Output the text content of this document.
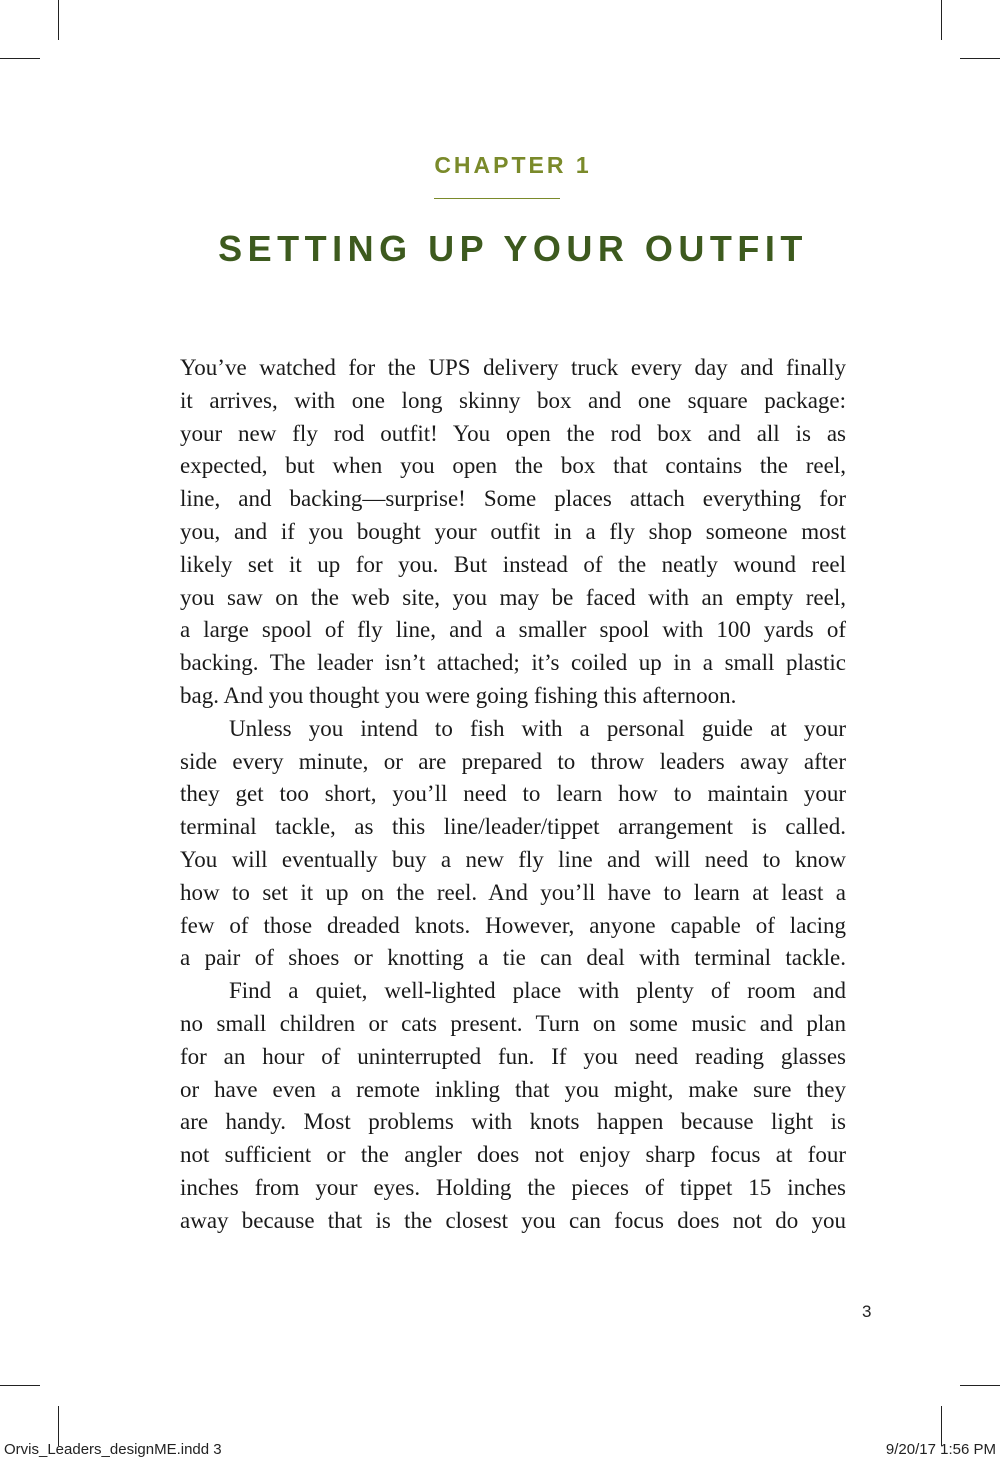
CHAPTER 1
SETTING UP YOUR OUTFIT
You’ve watched for the UPS delivery truck every day and finally
it arrives, with one long skinny box and one square package:
your new fly rod outfit! You open the rod box and all is as
expected, but when you open the box that contains the reel,
line, and backing—surprise! Some places attach everything for
you, and if you bought your outfit in a fly shop someone most
likely set it up for you. But instead of the neatly wound reel
you saw on the web site, you may be faced with an empty reel,
a large spool of fly line, and a smaller spool with 100 yards of
backing. The leader isn’t attached; it’s coiled up in a small plastic
bag. And you thought you were going fishing this afternoon.
Unless you intend to fish with a personal guide at your
side every minute, or are prepared to throw leaders away after
they get too short, you’ll need to learn how to maintain your
terminal tackle, as this line/leader/tippet arrangement is called.
You will eventually buy a new fly line and will need to know
how to set it up on the reel. And you’ll have to learn at least a
few of those dreaded knots. However, anyone capable of lacing
a pair of shoes or knotting a tie can deal with terminal tackle.
Find a quiet, well-lighted place with plenty of room and
no small children or cats present. Turn on some music and plan
for an hour of uninterrupted fun. If you need reading glasses
or have even a remote inkling that you might, make sure they
are handy. Most problems with knots happen because light is
not sufficient or the angler does not enjoy sharp focus at four
inches from your eyes. Holding the pieces of tippet 15 inches
away because that is the closest you can focus does not do you
3
Orvis_Leaders_designME.indd 3	9/20/17 1:56 PM
